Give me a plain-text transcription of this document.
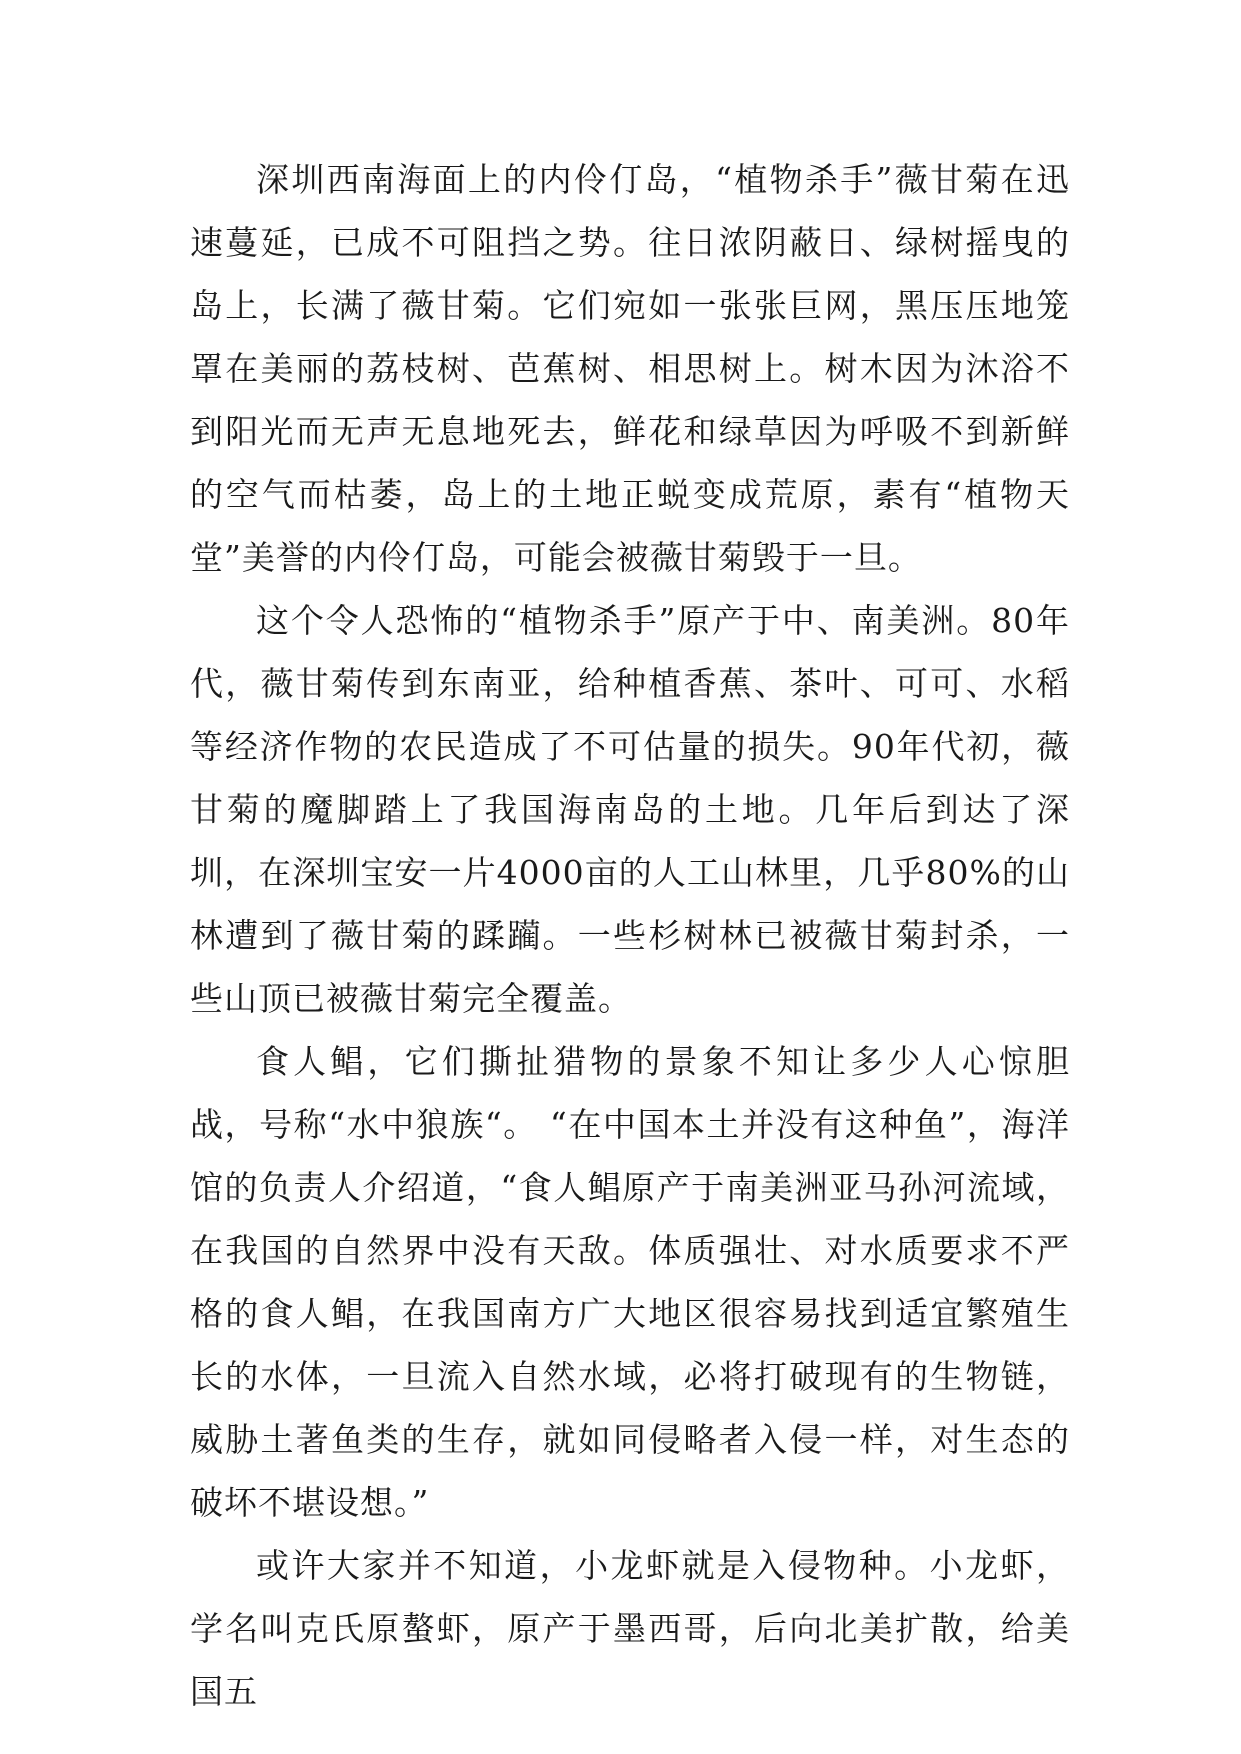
深圳西南海面上的内伶仃岛，“植物杀手”薇甘菊在迅速蔓延，已成不可阻挡之势。往日浓阴蔽日、绿树摇曳的岛上，长满了薇甘菊。它们宛如一张张巨网，黑压压地笼罩在美丽的荔枝树、芭蕉树、相思树上。树木因为沐浴不到阳光而无声无息地死去，鲜花和绿草因为呼吸不到新鲜的空气而枯萎，岛上的土地正蜕变成荒原，素有“植物天堂”美誉的内伶仃岛，可能会被薇甘菊毁于一旦。

这个令人恐怖的“植物杀手”原产于中、南美洲。80年代，薇甘菊传到东南亚，给种植香蕉、茶叶、可可、水稻等经济作物的农民造成了不可估量的损失。90年代初，薇甘菊的魔脚踏上了我国海南岛的土地。几年后到达了深圳，在深圳宝安一片4000亩的人工山林里，几乎80%的山林遭到了薇甘菊的蹂躏。一些杉树林已被薇甘菊封杀，一些山顶已被薇甘菊完全覆盖。

食人鲳，它们撕扯猎物的景象不知让多少人心惊胆战，号称“水中狼族“。 “在中国本土并没有这种鱼”，海洋馆的负责人介绍道，“食人鲳原产于南美洲亚马孙河流域，在我国的自然界中没有天敌。体质强壮、对水质要求不严格的食人鲳，在我国南方广大地区很容易找到适宜繁殖生长的水体，一旦流入自然水域，必将打破现有的生物链，威胁土著鱼类的生存，就如同侵略者入侵一样，对生态的破坏不堪设想。”

或许大家并不知道，小龙虾就是入侵物种。小龙虾，学名叫克氏原螯虾，原产于墨西哥，后向北美扩散，给美国五
